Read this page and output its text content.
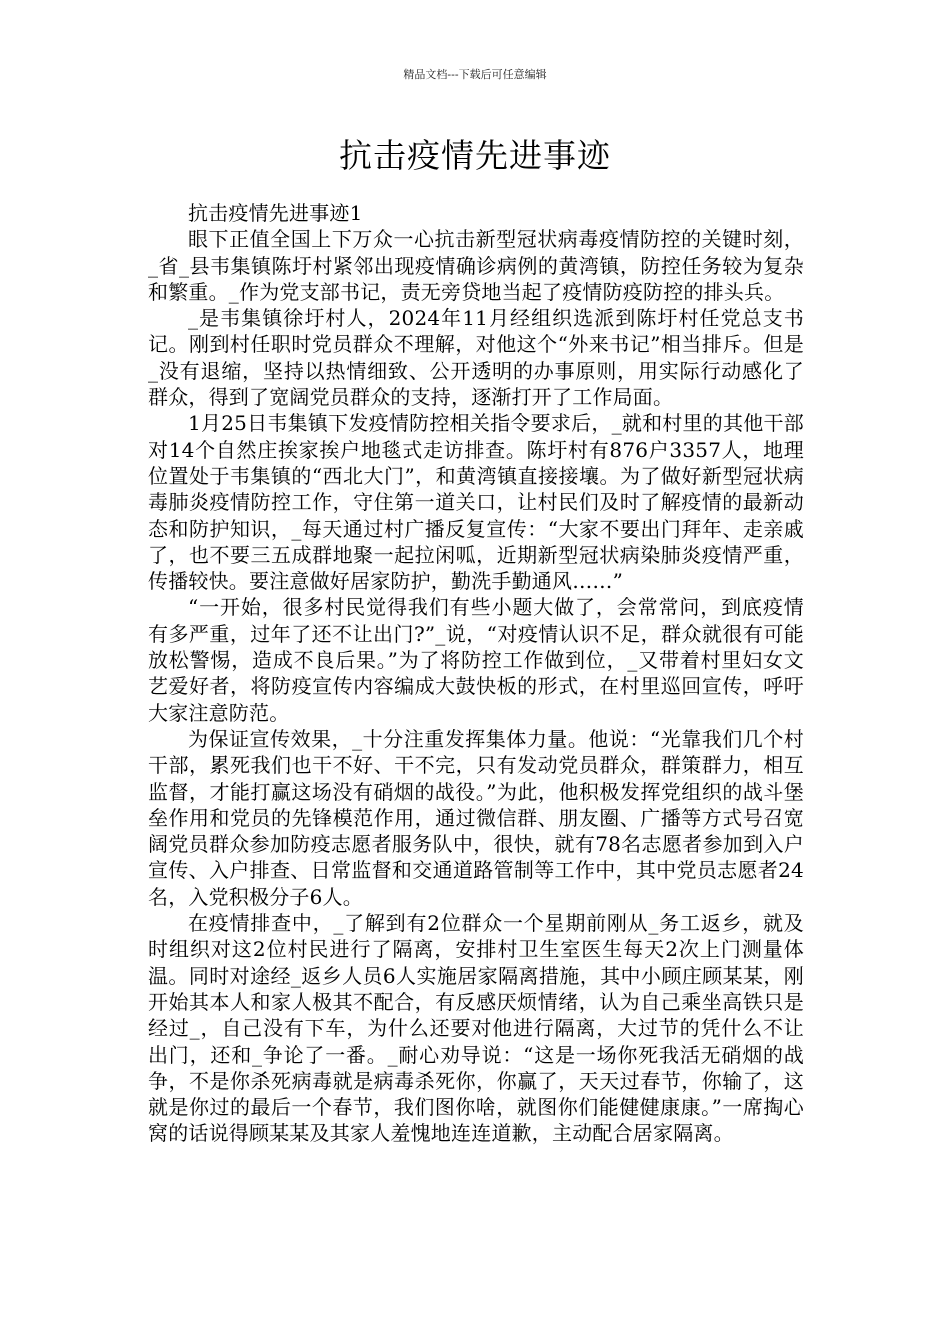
精品文档---下载后可任意编辑
抗击疫情先进事迹

抗击疫情先进事迹1

眼下正值全国上下万众一心抗击新型冠状病毒疫情防控的关键时刻，_省_县韦集镇陈圩村紧邻出现疫情确诊病例的黄湾镇，防控任务较为复杂和繁重。_作为党支部书记，责无旁贷地当起了疫情防疫防控的排头兵。

_是韦集镇徐圩村人，2024年11月经组织选派到陈圩村任党总支书记。刚到村任职时党员群众不理解，对他这个“外来书记”相当排斥。但是_没有退缩，坚持以热情细致、公开透明的办事原则，用实际行动感化了群众，得到了宽阔党员群众的支持，逐渐打开了工作局面。

1月25日韦集镇下发疫情防控相关指令要求后，_就和村里的其他干部对14个自然庄挨家挨户地毯式走访排查。陈圩村有876户3357人，地理位置处于韦集镇的“西北大门”，和黄湾镇直接接壤。为了做好新型冠状病毒肺炎疫情防控工作，守住第一道关口，让村民们及时了解疫情的最新动态和防护知识，_每天通过村广播反复宣传：“大家不要出门拜年、走亲戚了，也不要三五成群地聚一起拉闲呱，近期新型冠状病染肺炎疫情严重，传播较快。要注意做好居家防护，勤洗手勤通风……”

“一开始，很多村民觉得我们有些小题大做了，会常常问，到底疫情有多严重，过年了还不让出门?”_说，“对疫情认识不足，群众就很有可能放松警惕，造成不良后果。”为了将防控工作做到位，_又带着村里妇女文艺爱好者，将防疫宣传内容编成大鼓快板的形式，在村里巡回宣传，呼吁大家注意防范。

为保证宣传效果，_十分注重发挥集体力量。他说：“光靠我们几个村干部，累死我们也干不好、干不完，只有发动党员群众，群策群力，相互监督，才能打赢这场没有硝烟的战役。”为此，他积极发挥党组织的战斗堡垒作用和党员的先锋模范作用，通过微信群、朋友圈、广播等方式号召宽阔党员群众参加防疫志愿者服务队中，很快，就有78名志愿者参加到入户宣传、入户排查、日常监督和交通道路管制等工作中，其中党员志愿者24名，入党积极分子6人。

在疫情排查中，_了解到有2位群众一个星期前刚从_务工返乡，就及时组织对这2位村民进行了隔离，安排村卫生室医生每天2次上门测量体温。同时对途经_返乡人员6人实施居家隔离措施，其中小顾庄顾某某，刚开始其本人和家人极其不配合，有反感厌烦情绪，认为自己乘坐高铁只是经过_，自己没有下车，为什么还要对他进行隔离，大过节的凭什么不让出门，还和_争论了一番。_耐心劝导说：“这是一场你死我活无硝烟的战争，不是你杀死病毒就是病毒杀死你，你赢了，天天过春节，你输了，这就是你过的最后一个春节，我们图你啥，就图你们能健健康康。”一席掏心窝的话说得顾某某及其家人羞愧地连连道歉，主动配合居家隔离。
